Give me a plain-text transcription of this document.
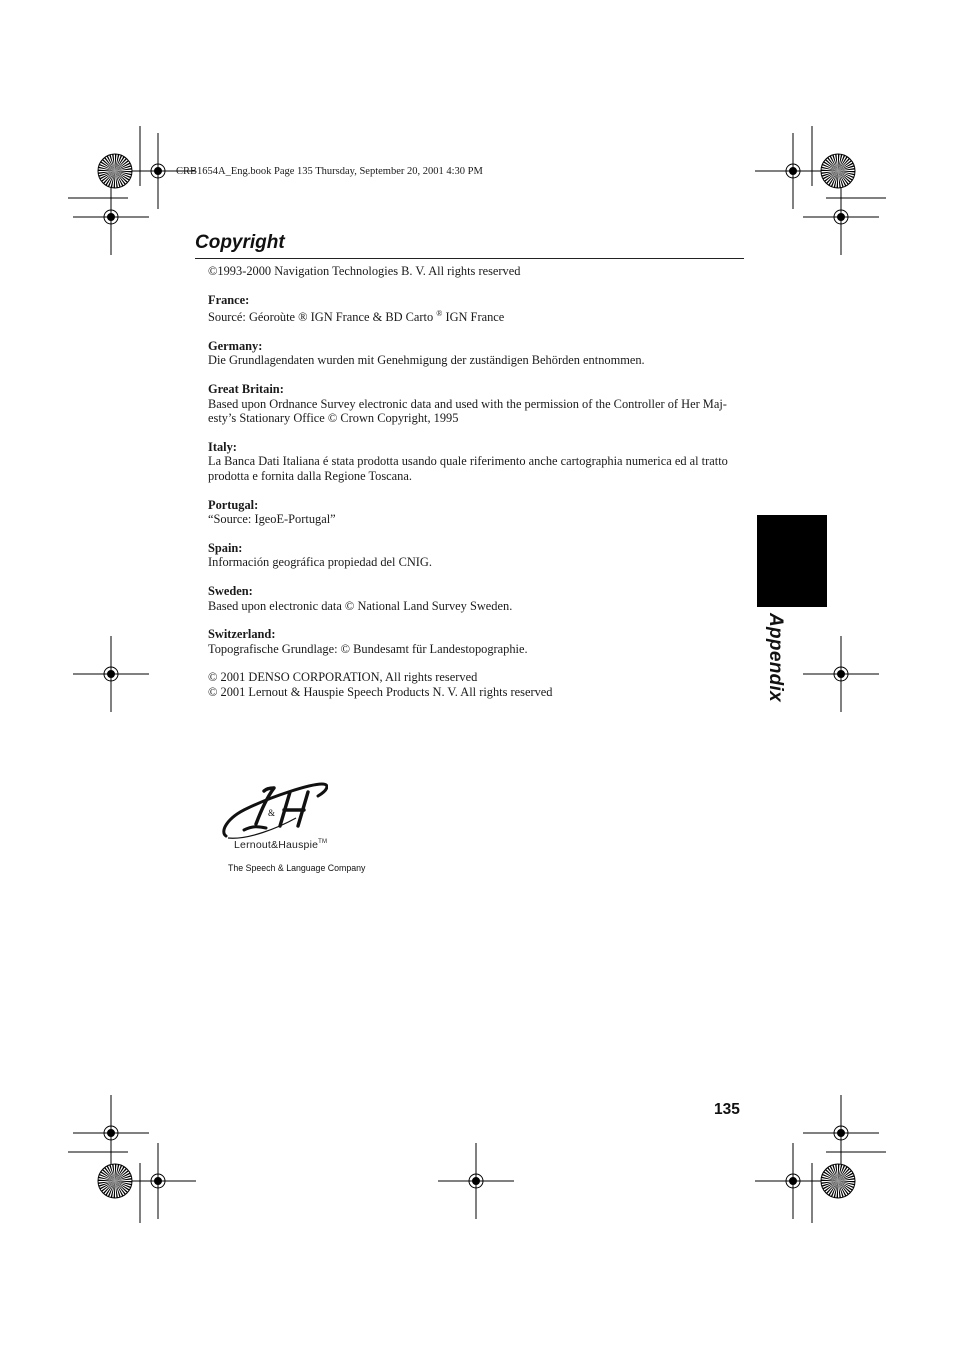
CRB1654A_Eng.book Page 135 Thursday, September 20, 2001 4:30 PM
Copyright

©1993-2000 Navigation Technologies B. V. All rights reserved

France:

Sourcé: Géoroùte ® IGN France & BD Carto ® IGN France

Germany:

Die Grundlagendaten wurden mit Genehmigung der zuständigen Behörden entnommen.

Great Britain:

Based upon Ordnance Survey electronic data and used with the permission of the Controller of Her Maj-

esty’s Stationary Office © Crown Copyright, 1995

Italy:

La Banca Dati Italiana é stata prodotta usando quale riferimento anche cartographia numerica ed al tratto

prodotta e fornita dalla Regione Toscana.

Portugal:

“Source: IgeoE-Portugal”

Spain:

Información geográfica propiedad del CNIG.

Sweden:

Based upon electronic data © National Land Survey Sweden.

Switzerland:

Topografische Grundlage: © Bundesamt für Landestopographie.

© 2001 DENSO CORPORATION, All rights reserved

© 2001 Lernout & Hauspie Speech Products N. V. All rights reserved

&
Lernout&Hauspie™
The Speech & Language Company
Appendix
135
